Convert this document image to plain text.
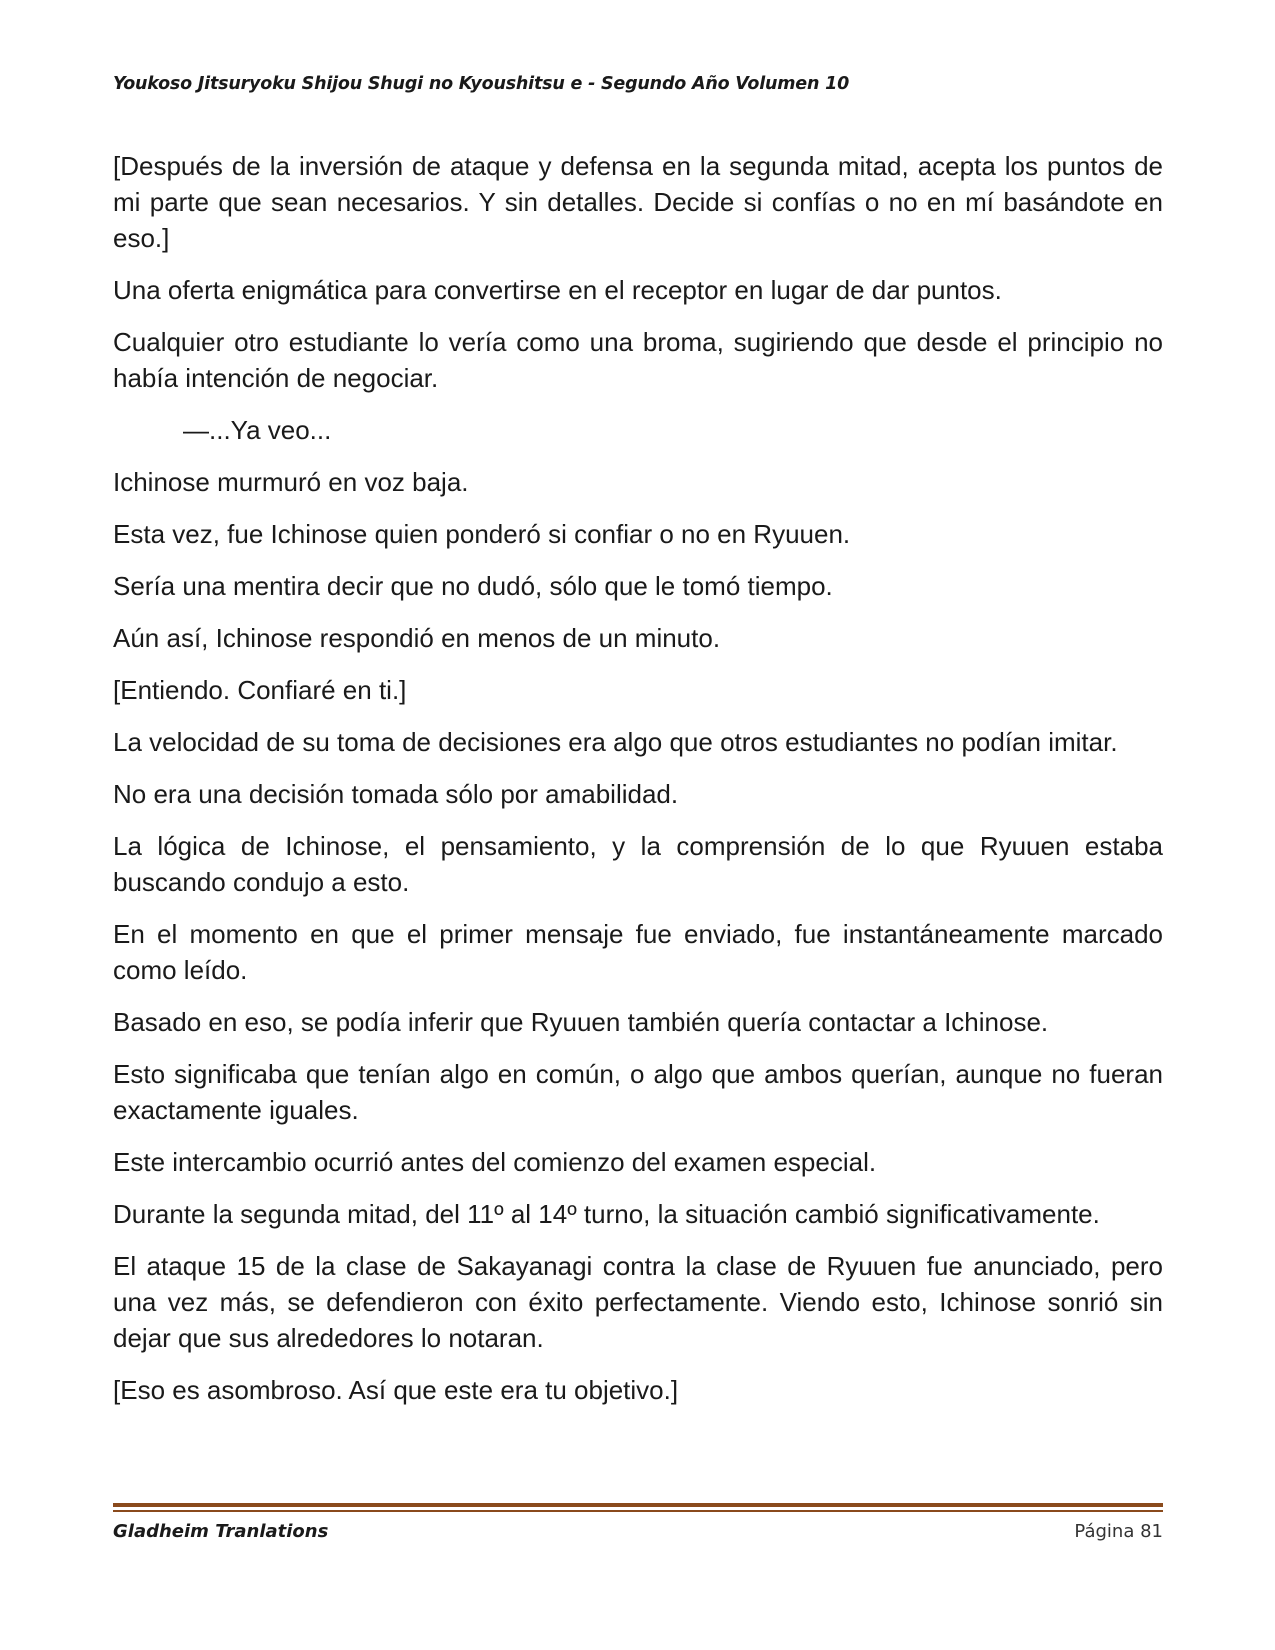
Youkoso Jitsuryoku Shijou Shugi no Kyoushitsu e - Segundo Año Volumen 10

[Después de la inversión de ataque y defensa en la segunda mitad, acepta los puntos de mi parte que sean necesarios. Y sin detalles. Decide si confías o no en mí basándote en eso.]

Una oferta enigmática para convertirse en el receptor en lugar de dar puntos.

Cualquier otro estudiante lo vería como una broma, sugiriendo que desde el principio no había intención de negociar.

—...Ya veo...

Ichinose murmuró en voz baja.

Esta vez, fue Ichinose quien ponderó si confiar o no en Ryuuen.

Sería una mentira decir que no dudó, sólo que le tomó tiempo.

Aún así, Ichinose respondió en menos de un minuto.

[Entiendo. Confiaré en ti.]

La velocidad de su toma de decisiones era algo que otros estudiantes no podían imitar.

No era una decisión tomada sólo por amabilidad.

La lógica de Ichinose, el pensamiento, y la comprensión de lo que Ryuuen estaba buscando condujo a esto.

En el momento en que el primer mensaje fue enviado, fue instantáneamente marcado como leído.

Basado en eso, se podía inferir que Ryuuen también quería contactar a Ichinose.

Esto significaba que tenían algo en común, o algo que ambos querían, aunque no fueran exactamente iguales.

Este intercambio ocurrió antes del comienzo del examen especial.

Durante la segunda mitad, del 11º al 14º turno, la situación cambió significativamente.

El ataque 15 de la clase de Sakayanagi contra la clase de Ryuuen fue anunciado, pero una vez más, se defendieron con éxito perfectamente. Viendo esto, Ichinose sonrió sin dejar que sus alrededores lo notaran.

[Eso es asombroso. Así que este era tu objetivo.]

Gladheim Tranlations	Página 81
